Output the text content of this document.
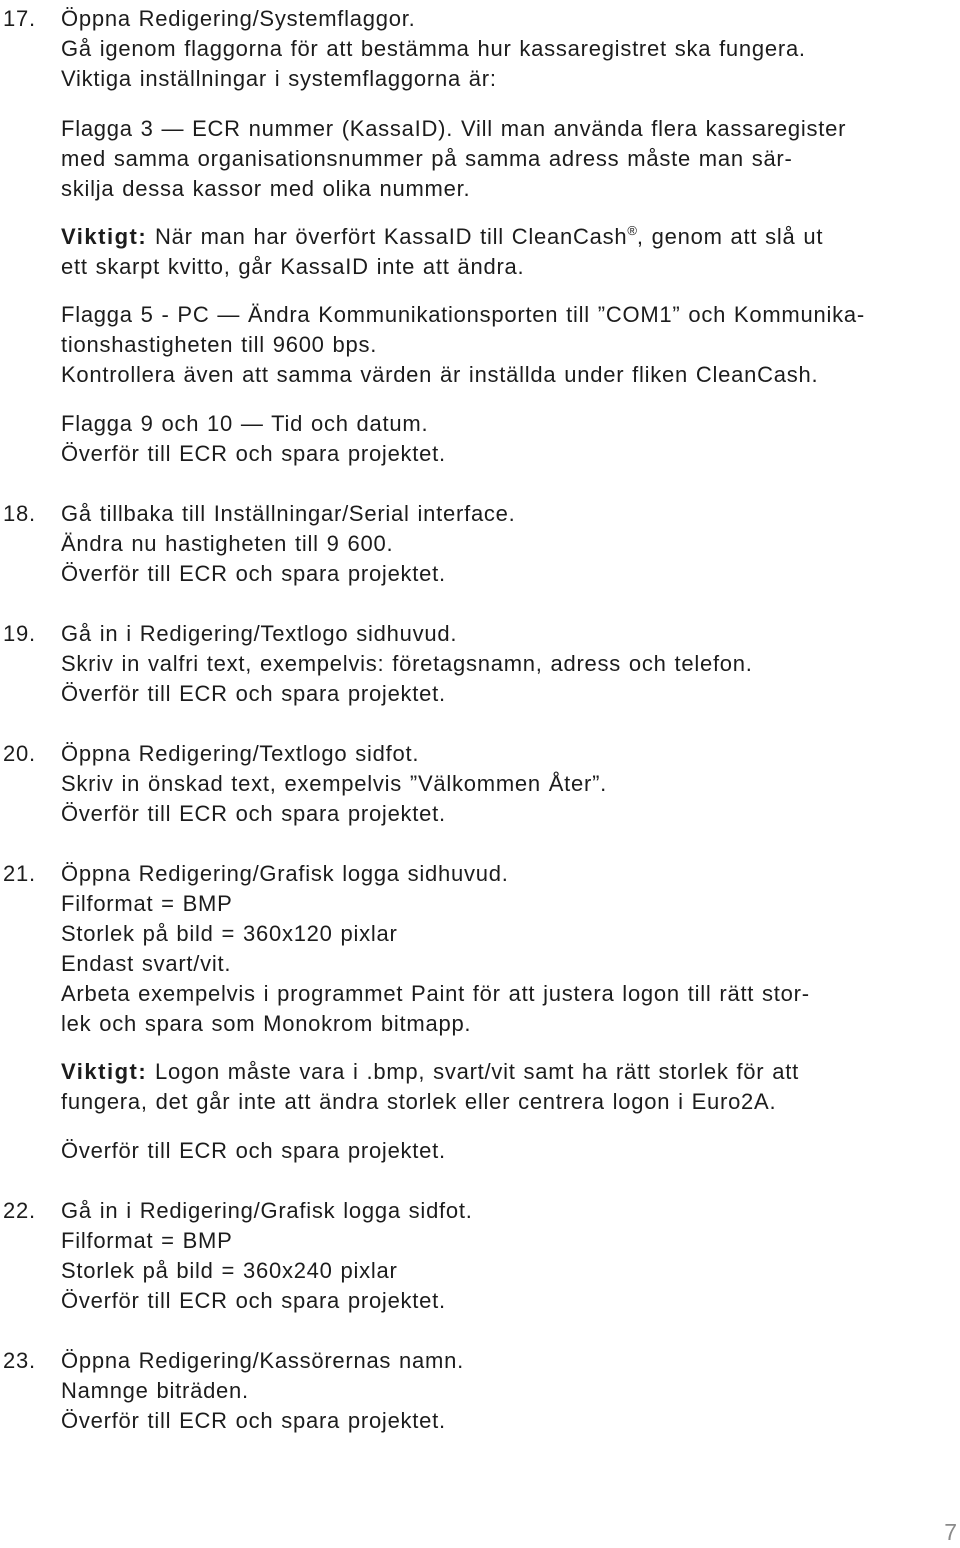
17. Öppna Redigering/Systemflaggor.
Gå igenom flaggorna för att bestämma hur kassaregistret ska fungera.
Viktiga inställningar i systemflaggorna är:
Flagga 3 — ECR nummer (KassaID). Vill man använda flera kassaregister
med samma organisationsnummer på samma adress måste man sär-
skilja dessa kassor med olika nummer.
Viktigt: När man har överfört KassaID till CleanCash®, genom att slå ut
ett skarpt kvitto, går KassaID inte att ändra.
Flagga 5 - PC — Ändra Kommunikationsporten till ”COM1” och Kommunika-
tionshastigheten till 9600 bps.
Kontrollera även att samma värden är inställda under fliken CleanCash.
Flagga 9 och 10 — Tid och datum.
Överför till ECR och spara projektet.
18. Gå tillbaka till Inställningar/Serial interface.
Ändra nu hastigheten till 9 600.
Överför till ECR och spara projektet.
19. Gå in i Redigering/Textlogo sidhuvud.
Skriv in valfri text, exempelvis: företagsnamn, adress och telefon.
Överför till ECR och spara projektet.
20. Öppna Redigering/Textlogo sidfot.
Skriv in önskad text, exempelvis ”Välkommen Åter”.
Överför till ECR och spara projektet.
21. Öppna Redigering/Grafisk logga sidhuvud.
Filformat = BMP
Storlek på bild = 360x120 pixlar
Endast svart/vit.
Arbeta exempelvis i programmet Paint för att justera logon till rätt stor-
lek och spara som Monokrom bitmapp.
Viktigt: Logon måste vara i .bmp, svart/vit samt ha rätt storlek för att
fungera, det går inte att ändra storlek eller centrera logon i Euro2A.
Överför till ECR och spara projektet.
22. Gå in i Redigering/Grafisk logga sidfot.
Filformat = BMP
Storlek på bild = 360x240 pixlar
Överför till ECR och spara projektet.
23. Öppna Redigering/Kassörernas namn.
Namnge biträden.
Överför till ECR och spara projektet.
7
